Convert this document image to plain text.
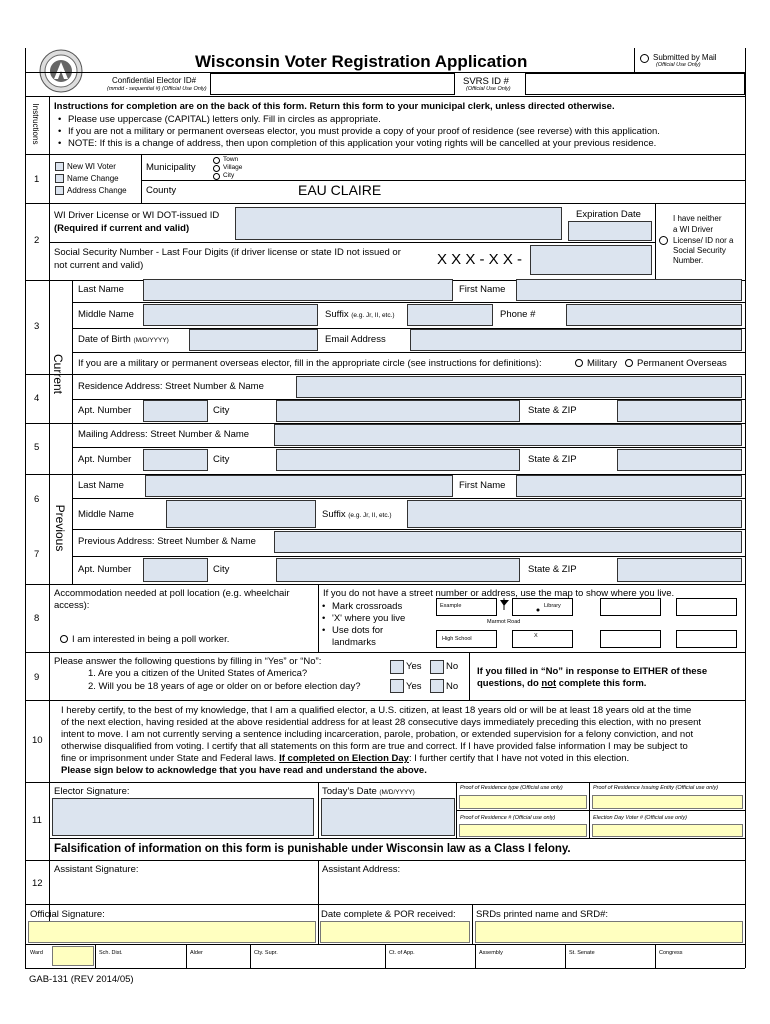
Wisconsin Voter Registration Application	Submitted by Mail
(Official Use Only)
Confidential Elector ID#
(mmdd - sequential #) (Official Use Only)
SVRS ID #
(Official Use Only)
Instructions Instructions for completion are on the back of this form. Return this form to your municipal clerk, unless directed otherwise.
• Please use uppercase (CAPITAL) letters only. Fill in circles as appropriate.
• If you are not a military or permanent overseas elector, you must provide a copy of your proof of residence (see reverse) with this application.
• NOTE: If this is a change of address, then upon completion of this application your voting rights will be cancelled at your previous residence.
1
New WI Voter
Name Change
Address Change
Municipality
Town
Village
City
County	EAU CLAIRE
2
WI Driver License or WI DOT-issued ID
(Required if current and valid)
Expiration Date
Social Security Number - Last Four Digits (if driver license or state ID not issued or
not current and valid)	X X X - X X -
I have neither
a WI Driver
License/ ID nor a
Social Security
Number.
Current
3
Last Name	First Name
Middle Name	Suffix (e.g. Jr, II, etc.)	Phone #
Date of Birth (M/D/YYYY)	Email Address
If you are a military or permanent overseas elector, fill in the appropriate circle (see instructions for definitions):	Military Permanent Overseas
4
Residence Address: Street Number & Name
Apt. Number	City	State & ZIP
5
Mailing Address: Street Number & Name
Apt. Number	City	State & ZIP
Previous
6
Last Name	First Name
Middle Name	Suffix (e.g. Jr, II, etc.)
7
Previous Address: Street Number & Name
Apt. Number	City	State & ZIP
8
Accommodation needed at poll location (e.g. wheelchair
access):
I am interested in being a poll worker.
If you do not have a street number or address, use the map to show where you live.
• Mark crossroads
• 'X' where you live
• Use dots for
landmarks
Example	Library
Marmot Road
High School	X
9
Please answer the following questions by filling in “Yes” or “No”:
1. Are you a citizen of the United States of America?
2. Will you be 18 years of age or older on or before election day?
Yes	No
Yes	No
If you filled in “No” in response to EITHER of these
questions, do not complete this form.
10
I hereby certify, to the best of my knowledge, that I am a qualified elector, a U.S. citizen, at least 18 years old or will be at least 18 years old at the time
of the next election, having resided at the above residential address for at least 28 consecutive days immediately preceding this election, with no present
intent to move. I am not currently serving a sentence including incarceration, parole, probation, or extended supervision for a felony conviction, and not
otherwise disqualified from voting. I certify that all statements on this form are true and correct. If I have provided false information I may be subject to
fine or imprisonment under State and Federal laws. If completed on Election Day: I further certify that I have not voted in this election.
Please sign below to acknowledge that you have read and understand the above.
11
Elector Signature:	Today’s Date (M/D/YYYY)
Proof of Residence type (Official use only)	Proof of Residence Issuing Entity (Official use only)
Proof of Residence # (Official use only)	Election Day Voter # (Official use only)
Falsification of information on this form is punishable under Wisconsin law as a Class I felony.
12
Assistant Signature:	Assistant Address:
Official Signature:	Date complete & POR received: SRDs printed name and SRD#:
Ward	Sch. Dist.	Alder	Cty. Supr.	Ct. of App.	Assembly	St. Senate	Congress
GAB-131 (REV 2014/05)
